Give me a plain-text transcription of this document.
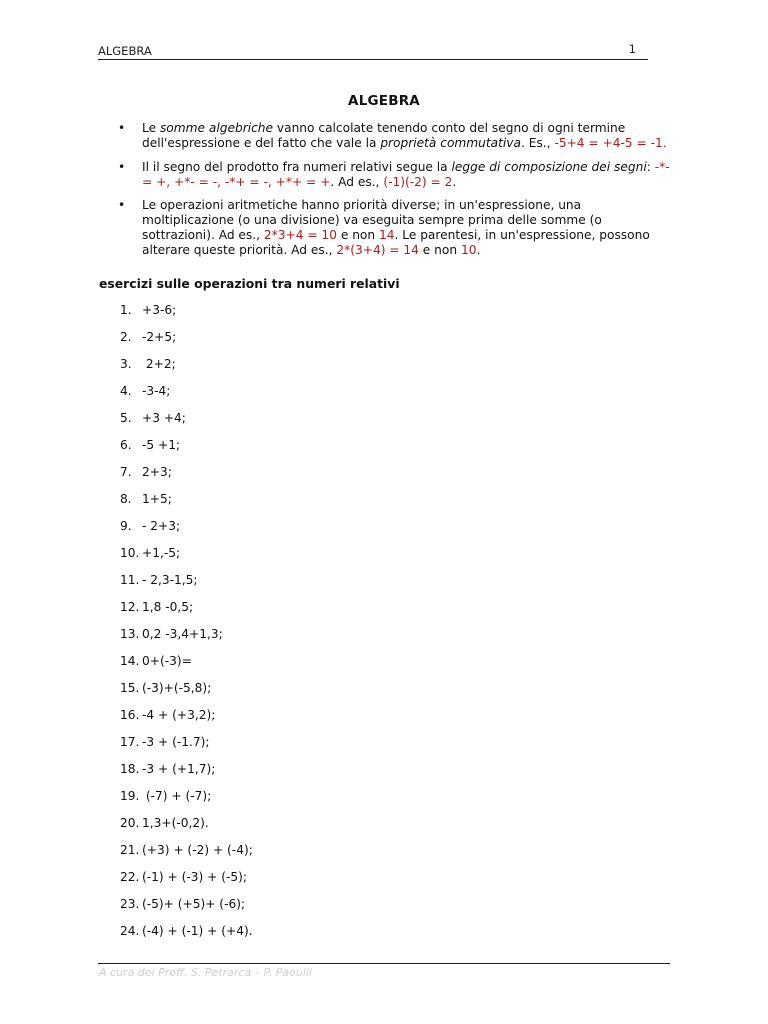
ALGEBRA	1
ALGEBRA
• Le somme algebriche vanno calcolate tenendo conto del segno di ogni termine dell'espressione e del fatto che vale la proprietà commutativa. Es., -5+4 = +4-5 = -1.
• Il il segno del prodotto fra numeri relativi segue la legge di composizione dei segni: -*- = +, +*- = -, -*+ = -, +*+ = +. Ad es., (-1)(-2) = 2.
• Le operazioni aritmetiche hanno priorità diverse; in un'espressione, una moltiplicazione (o una divisione) va eseguita sempre prima delle somme (o sottrazioni). Ad es., 2*3+4 = 10 e non 14. Le parentesi, in un'espressione, possono alterare queste priorità. Ad es., 2*(3+4) = 14 e non 10.
esercizi sulle operazioni tra numeri relativi
1. +3-6;
2. -2+5;
3. 2+2;
4. -3-4;
5. +3 +4;
6. -5 +1;
7. 2+3;
8. 1+5;
9. - 2+3;
10. +1,-5;
11. - 2,3-1,5;
12. 1,8 -0,5;
13. 0,2 -3,4+1,3;
14. 0+(-3)=
15. (-3)+(-5,8);
16. -4 + (+3,2);
17. -3 + (-1.7);
18. -3 + (+1,7);
19. (-7) + (-7);
20. 1,3+(-0,2).
21. (+3) + (-2) + (-4);
22. (-1) + (-3) + (-5);
23. (-5)+ (+5)+ (-6);
24. (-4) + (-1) + (+4).
A cura dei Proff. S. Petrarca – P. Paoulli
